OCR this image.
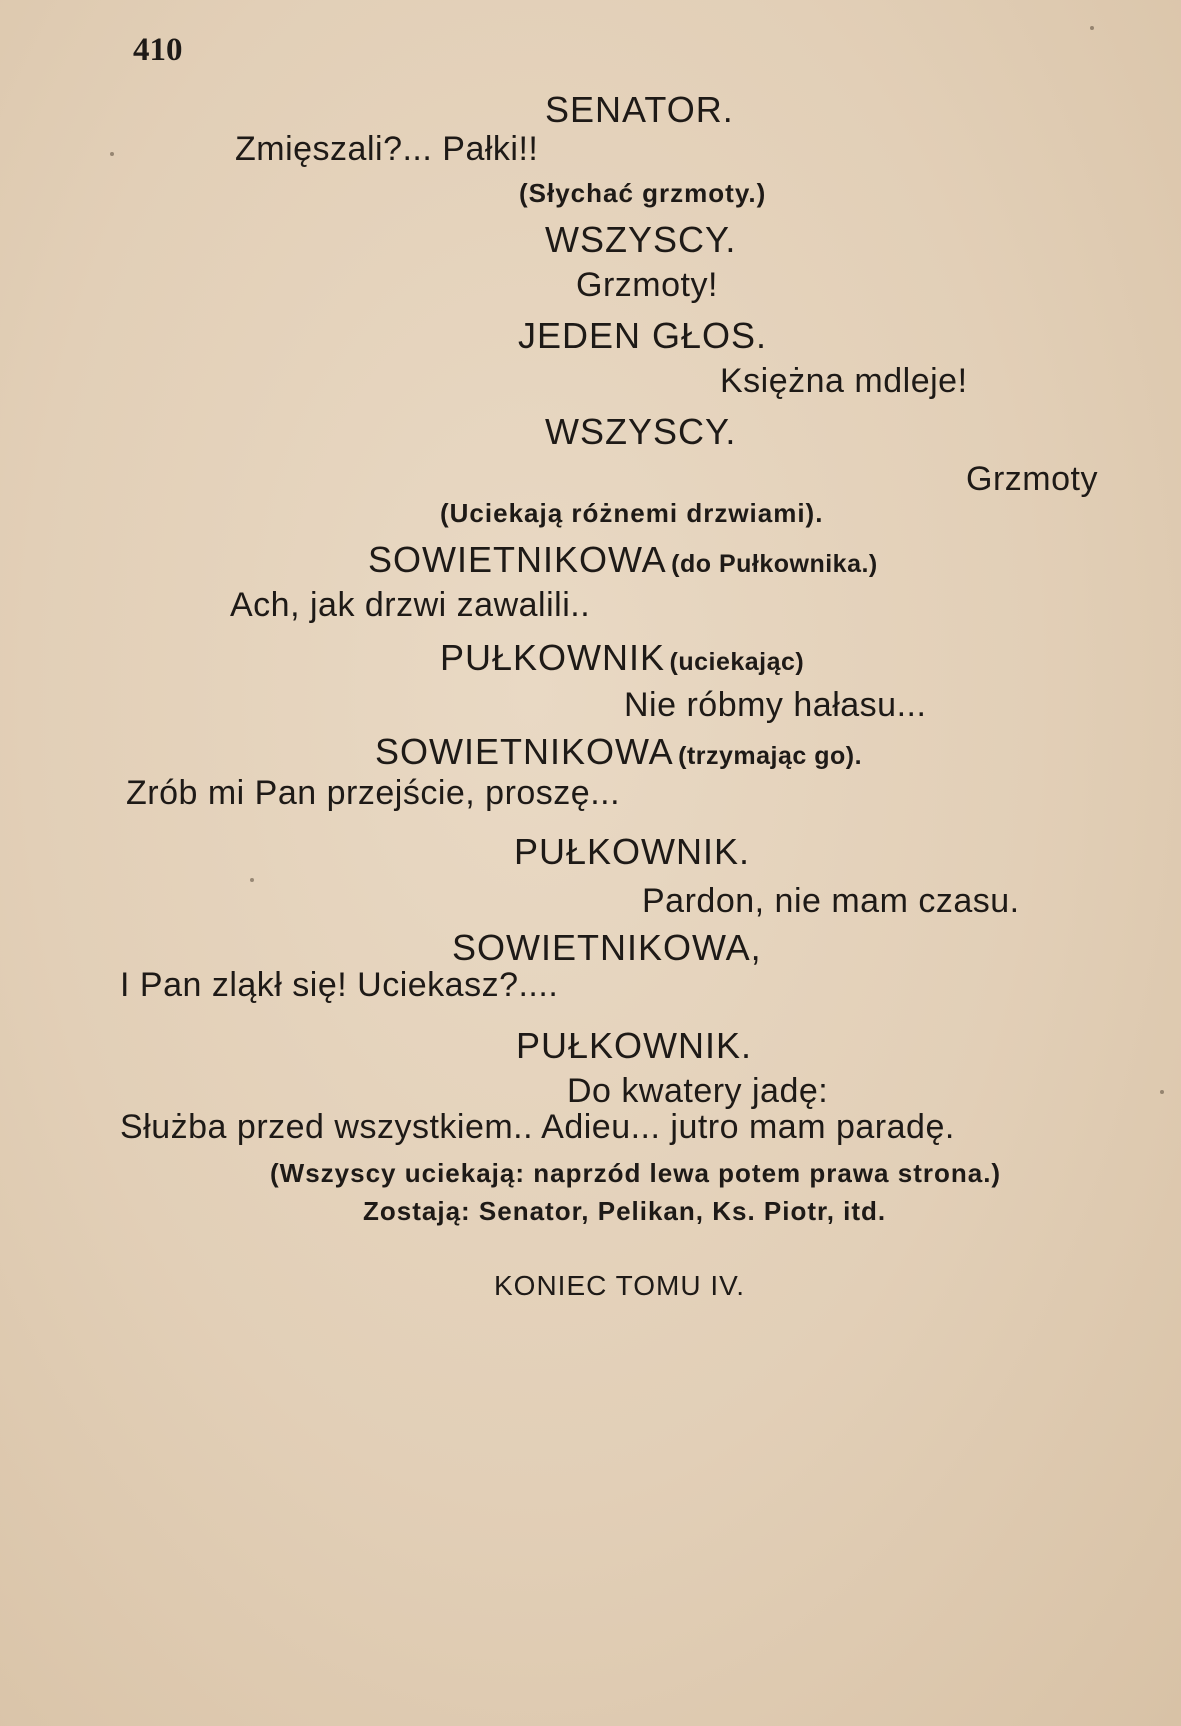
410
SENATOR.
Zmięszali?... Pałki!!
(Słychać grzmoty.)
WSZYSCY.
Grzmoty!
JEDEN GŁOS.
Księżna mdleje!
WSZYSCY.
Grzmoty
(Uciekają różnemi drzwiami).
SOWIETNIKOWA (do Pułkownika.)
Ach, jak drzwi zawalili..
PUŁKOWNIK (uciekając)
Nie róbmy hałasu...
SOWIETNIKOWA (trzymając go).
Zrób mi Pan przejście, proszę...
PUŁKOWNIK.
Pardon, nie mam czasu.
SOWIETNIKOWA,
I Pan zląkł się! Uciekasz?....
PUŁKOWNIK.
Do kwatery jadę:
Służba przed wszystkiem.. Adieu... jutro mam paradę.
(Wszyscy uciekają: naprzód lewa potem prawa strona.)
Zostają: Senator, Pelikan, Ks. Piotr, itd.
KONIEC TOMU IV.
